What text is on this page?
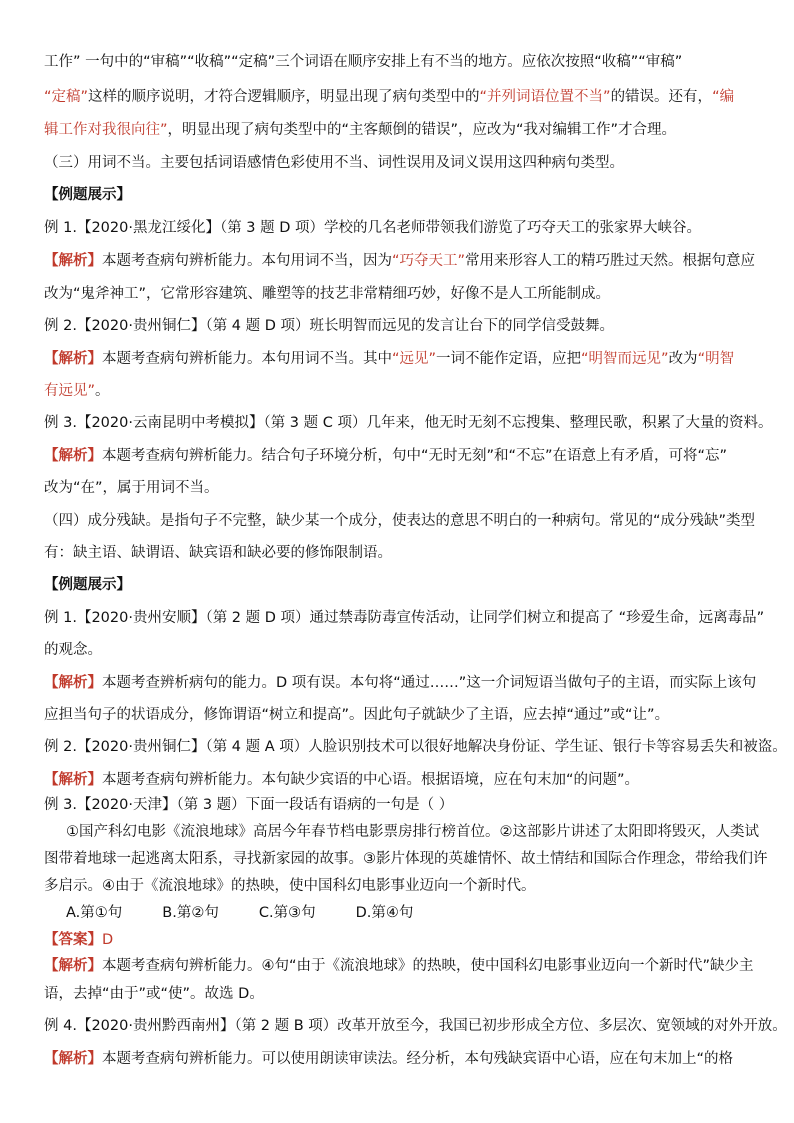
工作” 一句中的“审稿”“收稿”“定稿”三个词语在顺序安排上有不当的地方。应依次按照“收稿”“审稿”
“定稿”这样的顺序说明，才符合逻辑顺序，明显出现了病句类型中的“并列词语位置不当”的错误。还有，“编
辑工作对我很向往”，明显出现了病句类型中的“主客颠倒的错误”，应改为“我对编辑工作”才合理。
（三）用词不当。主要包括词语感情色彩使用不当、词性误用及词义误用这四种病句类型。
【例题展示】
例 1.【2020·黑龙江绥化】（第 3 题 D 项）学校的几名老师带领我们游览了巧夺天工的张家界大峡谷。
【解析】本题考查病句辨析能力。本句用词不当，因为“巧夺天工”常用来形容人工的精巧胜过天然。根据句意应
改为“鬼斧神工”，它常形容建筑、雕塑等的技艺非常精细巧妙，好像不是人工所能制成。
例 2.【2020·贵州铜仁】（第 4 题 D 项）班长明智而远见的发言让台下的同学信受鼓舞。
【解析】本题考查病句辨析能力。本句用词不当。其中“远见”一词不能作定语，应把“明智而远见”改为“明智
有远见”。
例 3.【2020·云南昆明中考模拟】（第 3 题 C 项）几年来，他无时无刻不忘搜集、整理民歌，积累了大量的资料。
【解析】本题考查病句辨析能力。结合句子环境分析，句中“无时无刻”和“不忘”在语意上有矛盾，可将“忘”
改为“在”，属于用词不当。
（四）成分残缺。是指句子不完整，缺少某一个成分，使表达的意思不明白的一种病句。常见的“成分残缺”类型
有：缺主语、缺谓语、缺宾语和缺必要的修饰限制语。
【例题展示】
例 1.【2020·贵州安顺】（第 2 题 D 项）通过禁毒防毒宣传活动，让同学们树立和提高了 “珍爱生命，远离毒品”
的观念。
【解析】本题考查辨析病句的能力。D 项有误。本句将“通过……”这一介词短语当做句子的主语，而实际上该句
应担当句子的状语成分，修饰谓语“树立和提高”。因此句子就缺少了主语，应去掉“通过”或“让”。
例 2.【2020·贵州铜仁】（第 4 题 A 项）人脸识别技术可以很好地解决身份证、学生证、银行卡等容易丢失和被盗。
【解析】本题考查病句辨析能力。本句缺少宾语的中心语。根据语境，应在句末加“的问题”。
例 3.【2020·天津】（第 3 题）下面一段话有语病的一句是（ ）
①国产科幻电影《流浪地球》高居今年春节档电影票房排行榜首位。②这部影片讲述了太阳即将毁灭，人类试
图带着地球一起逃离太阳系，寻找新家园的故事。③影片体现的英雄情怀、故土情结和国际合作理念，带给我们许
多启示。④由于《流浪地球》的热映，使中国科幻电影事业迈向一个新时代。
A.第①句	B.第②句	C.第③句	D.第④句
【答案】D
【解析】本题考查病句辨析能力。④句“由于《流浪地球》的热映，使中国科幻电影事业迈向一个新时代”缺少主
语，去掉“由于”或“使”。故选 D。
例 4.【2020·贵州黔西南州】（第 2 题 B 项）改革开放至今，我国已初步形成全方位、多层次、宽领域的对外开放。
【解析】本题考查病句辨析能力。可以使用朗读审读法。经分析，本句残缺宾语中心语，应在句末加上“的格
